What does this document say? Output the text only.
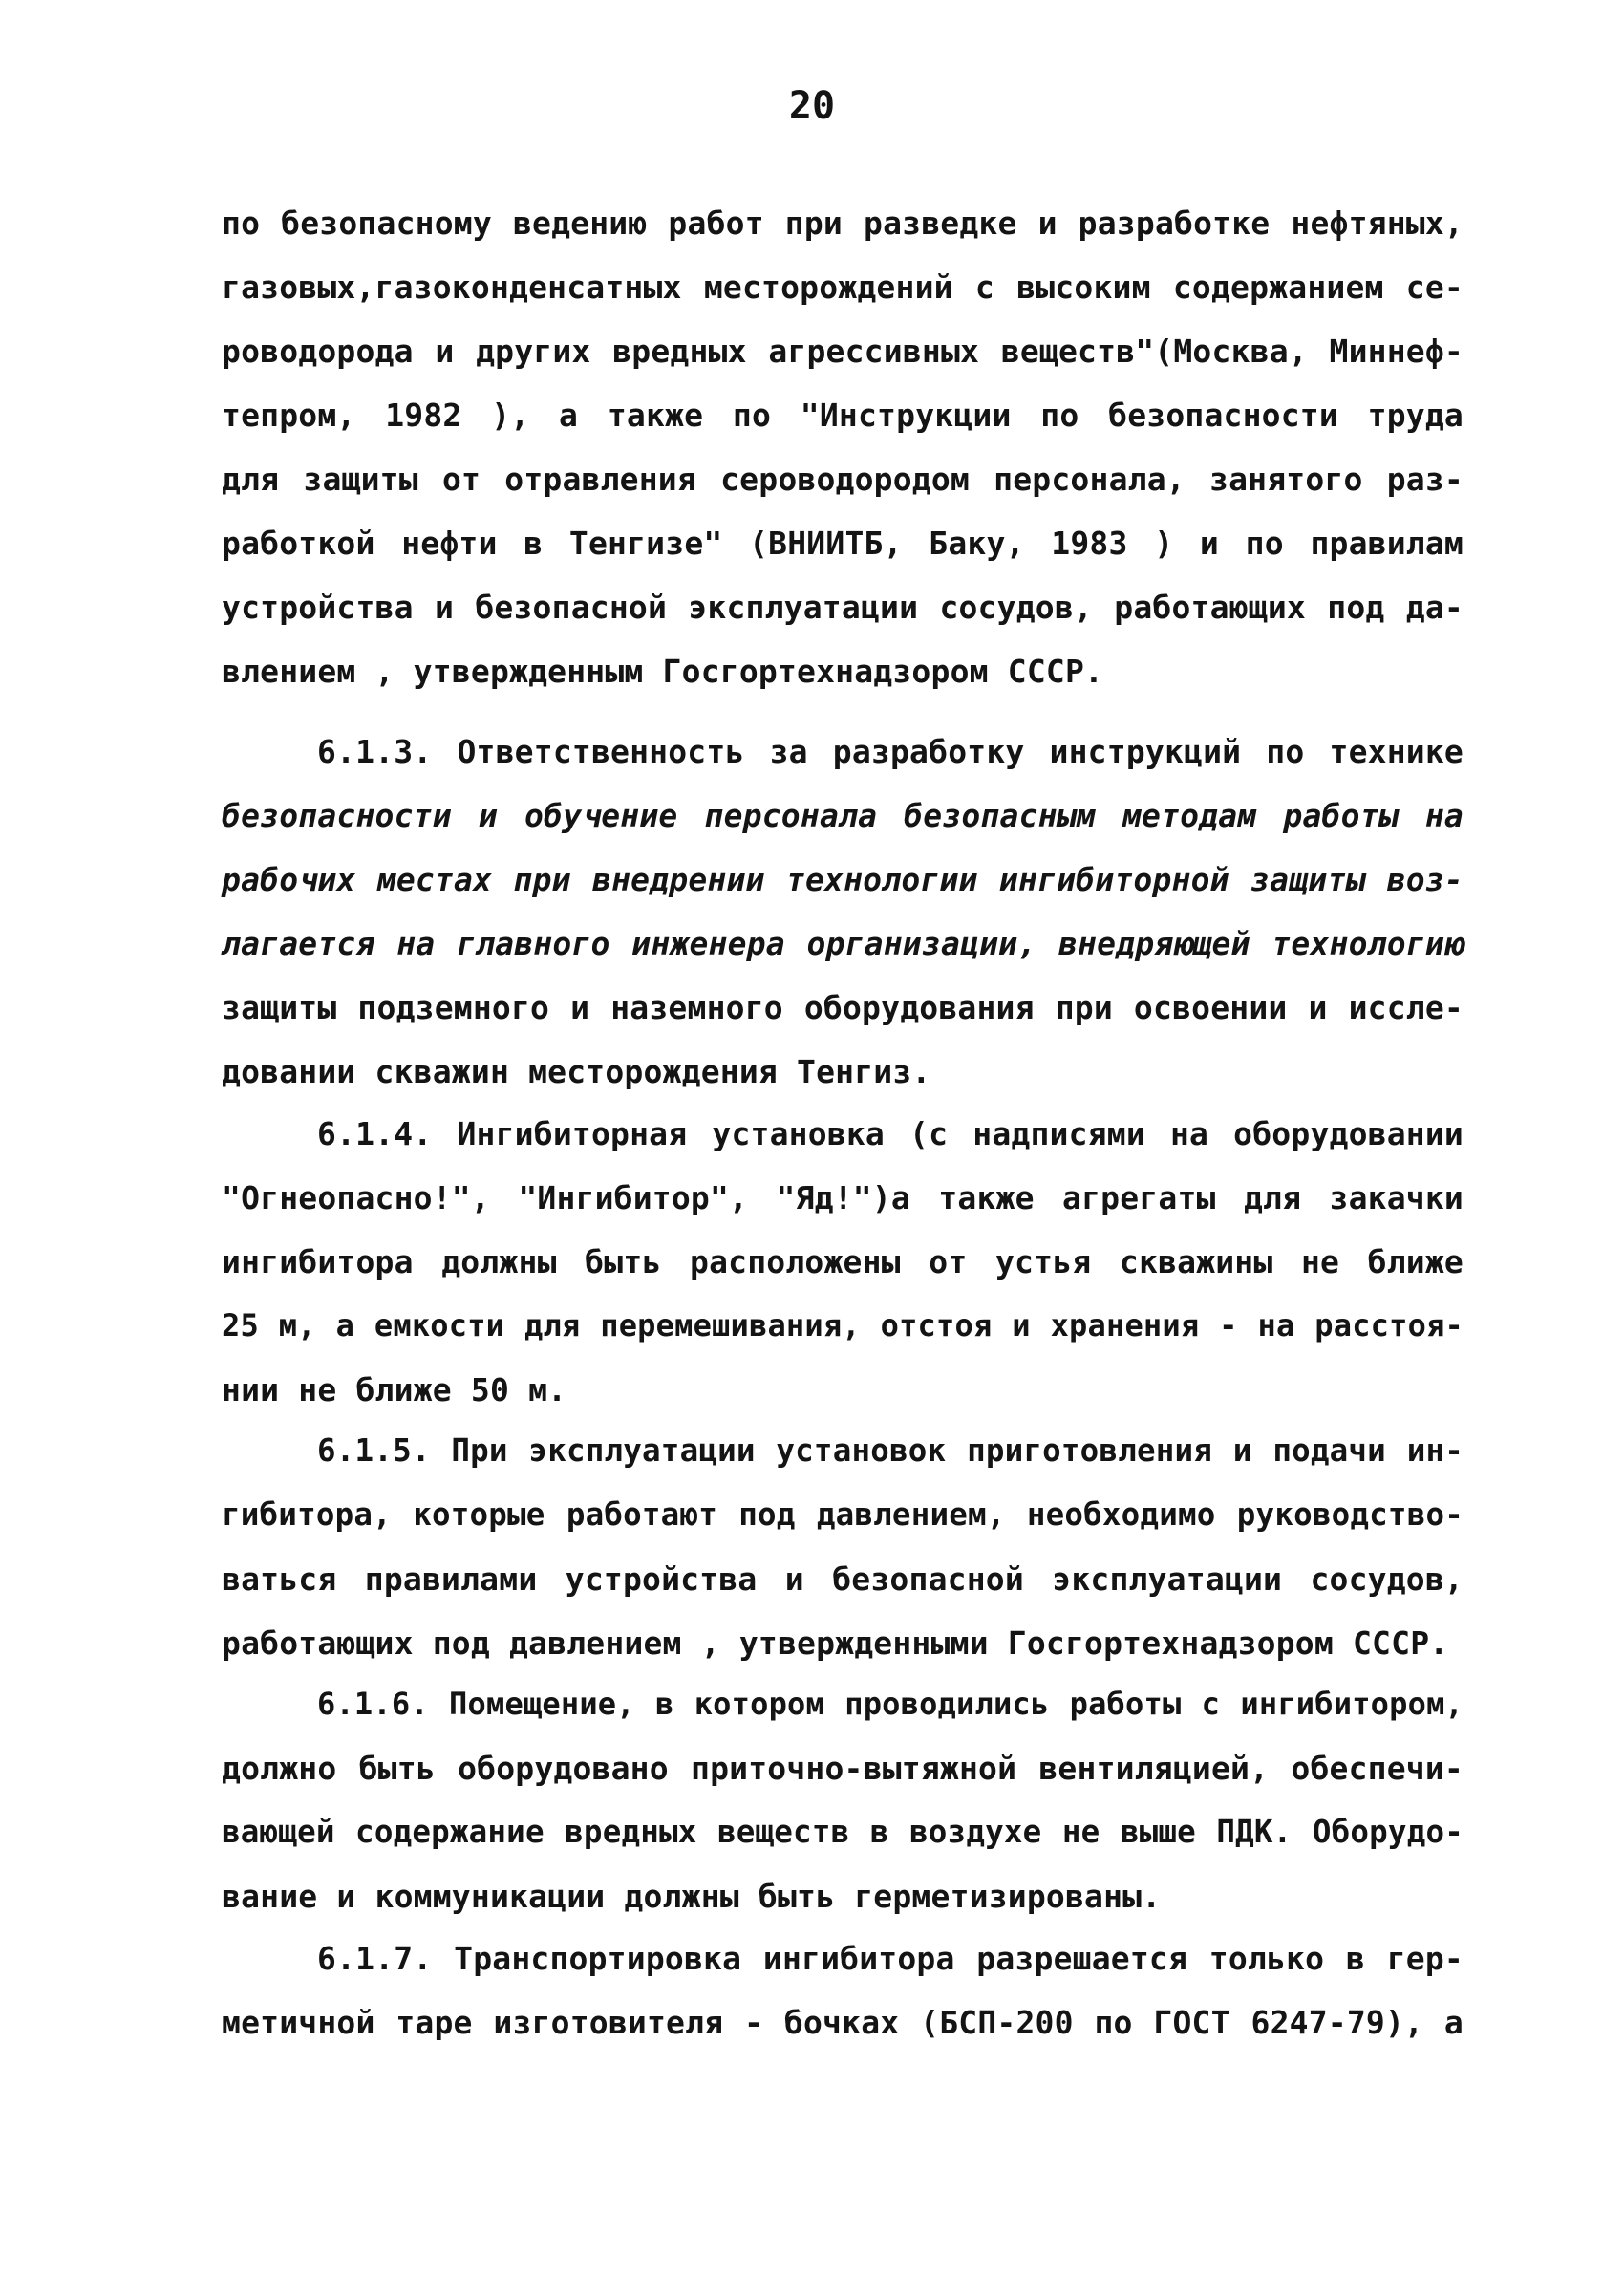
20
по безопасному ведению работ при разведке и разработке нефтяных,
газовых,газоконденсатных месторождений с высоким содержанием се-
роводорода и других вредных агрессивных веществ"(Москва, Миннеф-
тепром, 1982 ), а также по "Инструкции по безопасности труда
для защиты от отравления сероводородом персонала, занятого раз-
работкой нефти в Тенгизе" (ВНИИТБ, Баку, 1983 ) и по правилам
устройства и безопасной эксплуатации сосудов, работающих под да-
влением , утвержденным Госгортехнадзором СССР.
6.1.3. Ответственность за разработку инструкций по технике
безопасности и обучение персонала безопасным методам работы на
рабочих местах при внедрении технологии ингибиторной защиты воз-
лагается на главного инженера организации, внедряющей технологию
защиты подземного и наземного оборудования при освоении и иссле-
довании скважин месторождения Тенгиз.
6.1.4. Ингибиторная установка (с надписями на оборудовании
"Огнеопасно!", "Ингибитор", "Яд!")а также агрегаты для закачки
ингибитора должны быть расположены от устья скважины не ближе
25 м, а емкости для перемешивания, отстоя и хранения - на расстоя-
нии не ближе 50 м.
6.1.5. При эксплуатации установок приготовления и подачи ин-
гибитора, которые работают под давлением, необходимо руководство-
ваться правилами устройства и безопасной эксплуатации сосудов,
работающих под давлением , утвержденными Госгортехнадзором СССР.
6.1.6. Помещение, в котором проводились работы с ингибитором,
должно быть оборудовано приточно-вытяжной вентиляцией, обеспечи-
вающей содержание вредных веществ в воздухе не выше ПДК. Оборудо-
вание и коммуникации должны быть герметизированы.
6.1.7. Транспортировка ингибитора разрешается только в гер-
метичной таре изготовителя - бочках (БСП-200 по ГОСТ 6247-79), а
